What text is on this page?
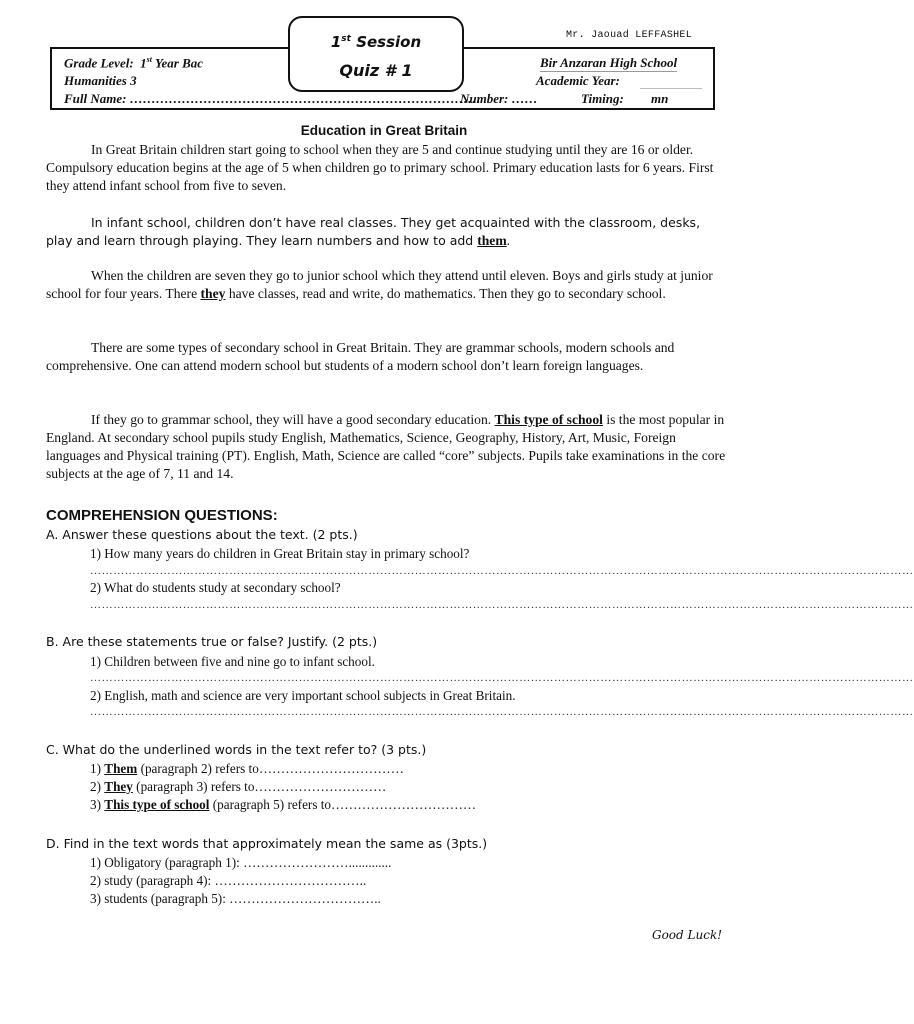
Mr. Jaouad LEFFASHEL
1st Session
Quiz # 1
Grade Level: 1st Year Bac
Humanities 3
Full Name: ………………………………………………………………………
Bir Anzaran High School
Academic Year:
Number: ……	Timing: mn
Education in Great Britain
In Great Britain children start going to school when they are 5 and continue studying until they are 16 or older. Compulsory education begins at the age of 5 when children go to primary school. Primary education lasts for 6 years. First they attend infant school from five to seven.
In infant school, children don’t have real classes. They get acquainted with the classroom, desks, play and learn through playing. They learn numbers and how to add them.
When the children are seven they go to junior school which they attend until eleven. Boys and girls study at junior school for four years. There they have classes, read and write, do mathematics. Then they go to secondary school.
There are some types of secondary school in Great Britain. They are grammar schools, modern schools and comprehensive. One can attend modern school but students of a modern school don’t learn foreign languages.
If they go to grammar school, they will have a good secondary education. This type of school is the most popular in England. At secondary school pupils study English, Mathematics, Science, Geography, History, Art, Music, Foreign languages and Physical training (PT). English, Math, Science are called “core” subjects. Pupils take examinations in the core subjects at the age of 7, 11 and 14.
COMPREHENSION QUESTIONS:
A. Answer these questions about the text. (2 pts.)
1) How many years do children in Great Britain stay in primary school?
……………………………………………………………………………………………………………………………………………………………………………………………
2) What do students study at secondary school?
……………………………………………………………………………………………………………………………………………………………………………………………
B. Are these statements true or false? Justify. (2 pts.)
1) Children between five and nine go to infant school.
……………………………………………………………………………………………………………………………………………………………………………………………
2) English, math and science are very important school subjects in Great Britain.
……………………………………………………………………………………………………………………………………………………………………………………………
C. What do the underlined words in the text refer to? (3 pts.)
1) Them (paragraph 2) refers to……………………………
2) They (paragraph 3) refers to…………………………
3) This type of school (paragraph 5) refers to……………………………
D. Find in the text words that approximately mean the same as (3pts.)
1) Obligatory (paragraph 1): …………………….............
2) study (paragraph 4): ……………………………..
3) students (paragraph 5): ……………………………..
Good Luck!
